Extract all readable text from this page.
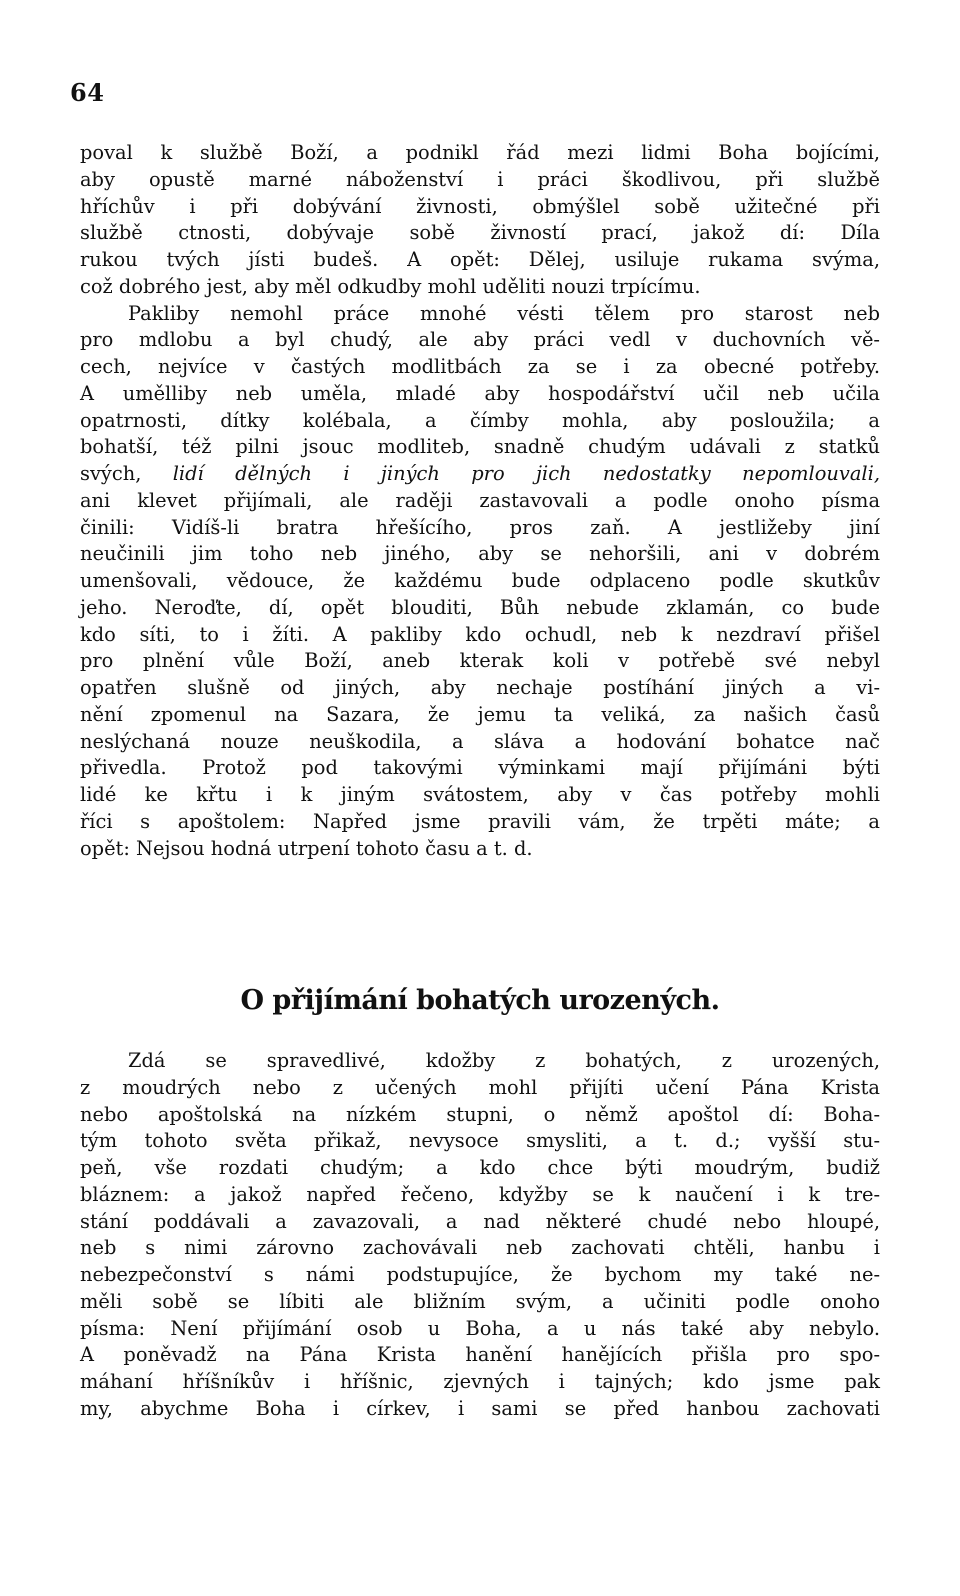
64
poval k službě Boží, a podnikl řád mezi lidmi Boha bojícími,
aby opustě marné náboženství i práci škodlivou, při službě
hříchův i při dobývání živnosti, obmýšlel sobě užitečné při
službě ctnosti, dobývaje sobě živností prací, jakož dí: Díla
rukou tvých jísti budeš. A opět: Dělej, usiluje rukama svýma,
což dobrého jest, aby měl odkudby mohl uděliti nouzi trpícímu.
Pakliby nemohl práce mnohé vésti tělem pro starost neb
pro mdlobu a byl chudý, ale aby práci vedl v duchovních vě-
cech, nejvíce v častých modlitbách za se i za obecné potřeby.
A umělliby neb uměla, mladé aby hospodářství učil neb učila
opatrnosti, dítky kolébala, a čímby mohla, aby posloužila; a
bohatší, též pilni jsouc modliteb, snadně chudým udávali z statků
svých, lidí dělných i jiných pro jich nedostatky nepomlouvali,
ani klevet přijímali, ale raději zastavovali a podle onoho písma
činili: Vidíš-li bratra hřešícího, pros zaň. A jestližeby jiní
neučinili jim toho neb jiného, aby se nehoršili, ani v dobrém
umenšovali, vědouce, že každému bude odplaceno podle skutkův
jeho. Neroďte, dí, opět blouditi, Bůh nebude zklamán, co bude
kdo síti, to i žíti. A pakliby kdo ochudl, neb k nezdraví přišel
pro plnění vůle Boží, aneb kterak koli v potřebě své nebyl
opatřen slušně od jiných, aby nechaje postíhání jiných a vi-
nění zpomenul na Sazara, že jemu ta veliká, za našich časů
neslýchaná nouze neuškodila, a sláva a hodování bohatce nač
přivedla. Protož pod takovými výminkami mají přijímáni býti
lidé ke křtu i k jiným svátostem, aby v čas potřeby mohli
říci s apoštolem: Napřed jsme pravili vám, že trpěti máte; a
opět: Nejsou hodná utrpení tohoto času a t. d.
O přijímání bohatých urozených.
Zdá se spravedlivé, kdožby z bohatých, z urozených,
z moudrých nebo z učených mohl přijíti učení Pána Krista
nebo apoštolská na nízkém stupni, o němž apoštol dí: Boha-
tým tohoto světa přikaž, nevysoce smysliti, a t. d.; vyšší stu-
peň, vše rozdati chudým; a kdo chce býti moudrým, budiž
bláznem: a jakož napřed řečeno, kdyžby se k naučení i k tre-
stání poddávali a zavazovali, a nad některé chudé nebo hloupé,
neb s nimi zárovno zachovávali neb zachovati chtěli, hanbu i
nebezpečonství s námi podstupujíce, že bychom my také ne-
měli sobě se líbiti ale bližním svým, a učiniti podle onoho
písma: Není přijímání osob u Boha, a u nás také aby nebylo.
A poněvadž na Pána Krista hanění hanějících přišla pro spo-
máhaní hříšníkův i hříšnic, zjevných i tajných; kdo jsme pak
my, abychme Boha i církev, i sami se před hanbou zachovati
